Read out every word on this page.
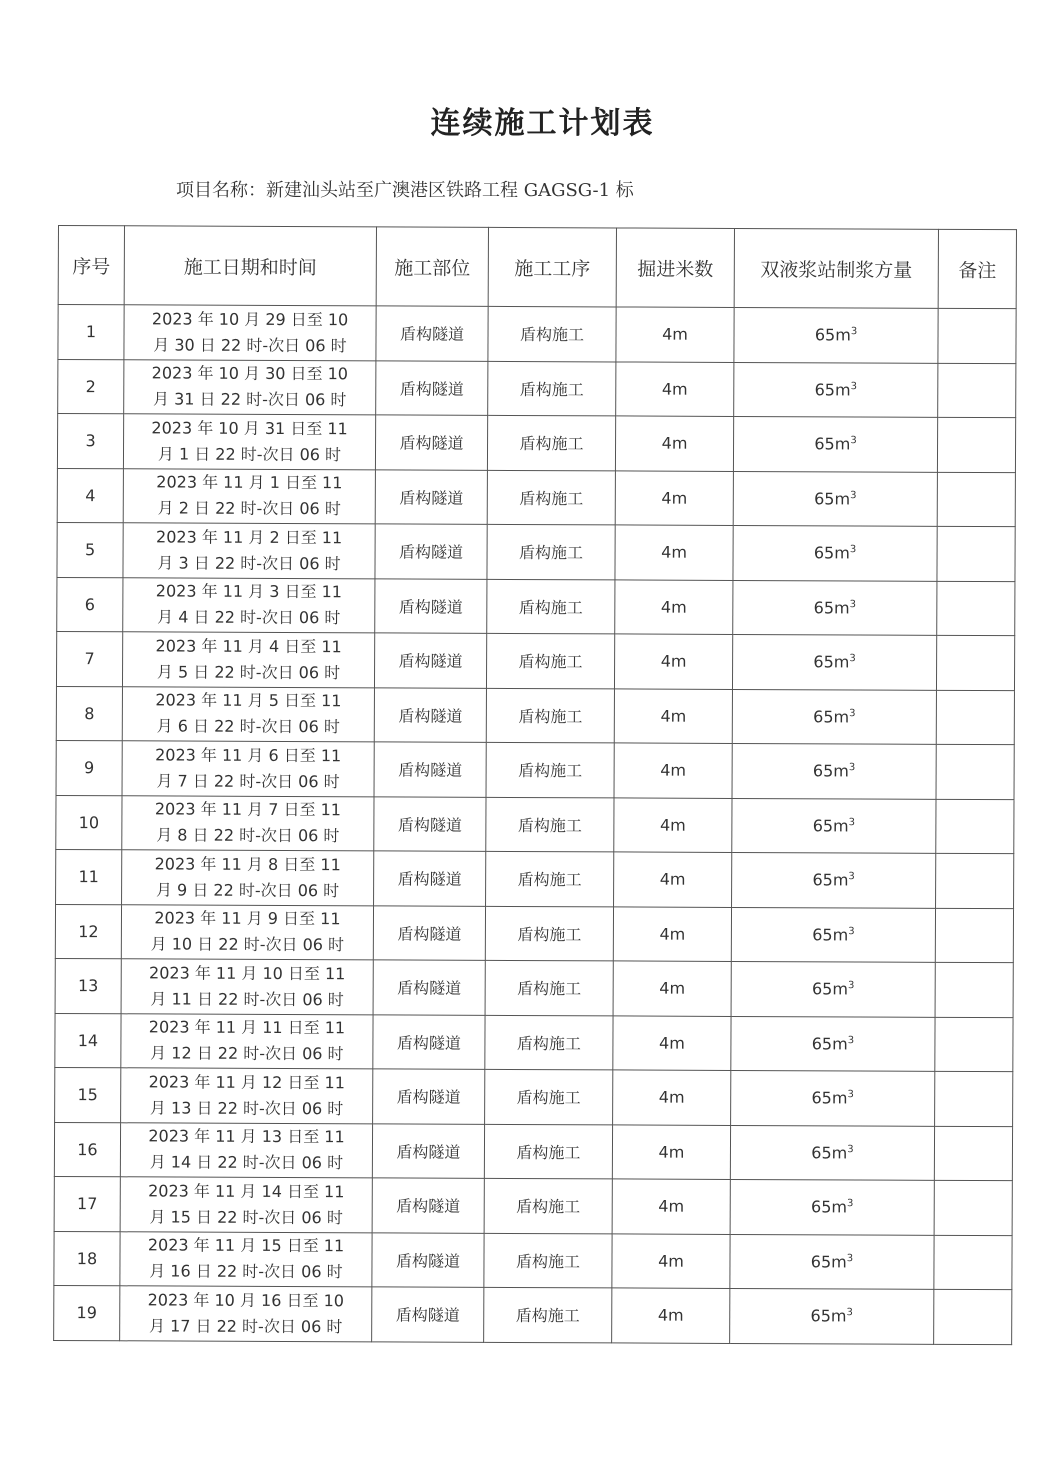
连续施工计划表
项目名称：新建汕头站至广澳港区铁路工程 GAGSG-1 标
序号	施工日期和时间	施工部位	施工工序	掘进米数	双液浆站制浆方量	备注
1	2023 年 10 月 29 日至 10
月 30 日 22 时-次日 06 时	盾构隧道	盾构施工	4m	$65m^3$	
2	2023 年 10 月 30 日至 10
月 31 日 22 时-次日 06 时	盾构隧道	盾构施工	4m	$65m^3$	
3	2023 年 10 月 31 日至 11
月 1 日 22 时-次日 06 时	盾构隧道	盾构施工	4m	$65m^3$	
4	2023 年 11 月 1 日至 11
月 2 日 22 时-次日 06 时	盾构隧道	盾构施工	4m	$65m^3$	
5	2023 年 11 月 2 日至 11
月 3 日 22 时-次日 06 时	盾构隧道	盾构施工	4m	$65m^3$	
6	2023 年 11 月 3 日至 11
月 4 日 22 时-次日 06 时	盾构隧道	盾构施工	4m	$65m^3$	
7	2023 年 11 月 4 日至 11
月 5 日 22 时-次日 06 时	盾构隧道	盾构施工	4m	$65m^3$	
8	2023 年 11 月 5 日至 11
月 6 日 22 时-次日 06 时	盾构隧道	盾构施工	4m	$65m^3$	
9	2023 年 11 月 6 日至 11
月 7 日 22 时-次日 06 时	盾构隧道	盾构施工	4m	$65m^3$	
10	2023 年 11 月 7 日至 11
月 8 日 22 时-次日 06 时	盾构隧道	盾构施工	4m	$65m^3$	
11	2023 年 11 月 8 日至 11
月 9 日 22 时-次日 06 时	盾构隧道	盾构施工	4m	$65m^3$	
12	2023 年 11 月 9 日至 11
月 10 日 22 时-次日 06 时	盾构隧道	盾构施工	4m	$65m^3$	
13	2023 年 11 月 10 日至 11
月 11 日 22 时-次日 06 时	盾构隧道	盾构施工	4m	$65m^3$	
14	2023 年 11 月 11 日至 11
月 12 日 22 时-次日 06 时	盾构隧道	盾构施工	4m	$65m^3$	
15	2023 年 11 月 12 日至 11
月 13 日 22 时-次日 06 时	盾构隧道	盾构施工	4m	$65m^3$	
16	2023 年 11 月 13 日至 11
月 14 日 22 时-次日 06 时	盾构隧道	盾构施工	4m	$65m^3$	
17	2023 年 11 月 14 日至 11
月 15 日 22 时-次日 06 时	盾构隧道	盾构施工	4m	$65m^3$	
18	2023 年 11 月 15 日至 11
月 16 日 22 时-次日 06 时	盾构隧道	盾构施工	4m	$65m^3$	
19	2023 年 10 月 16 日至 10
月 17 日 22 时-次日 06 时	盾构隧道	盾构施工	4m	$65m^3$	
